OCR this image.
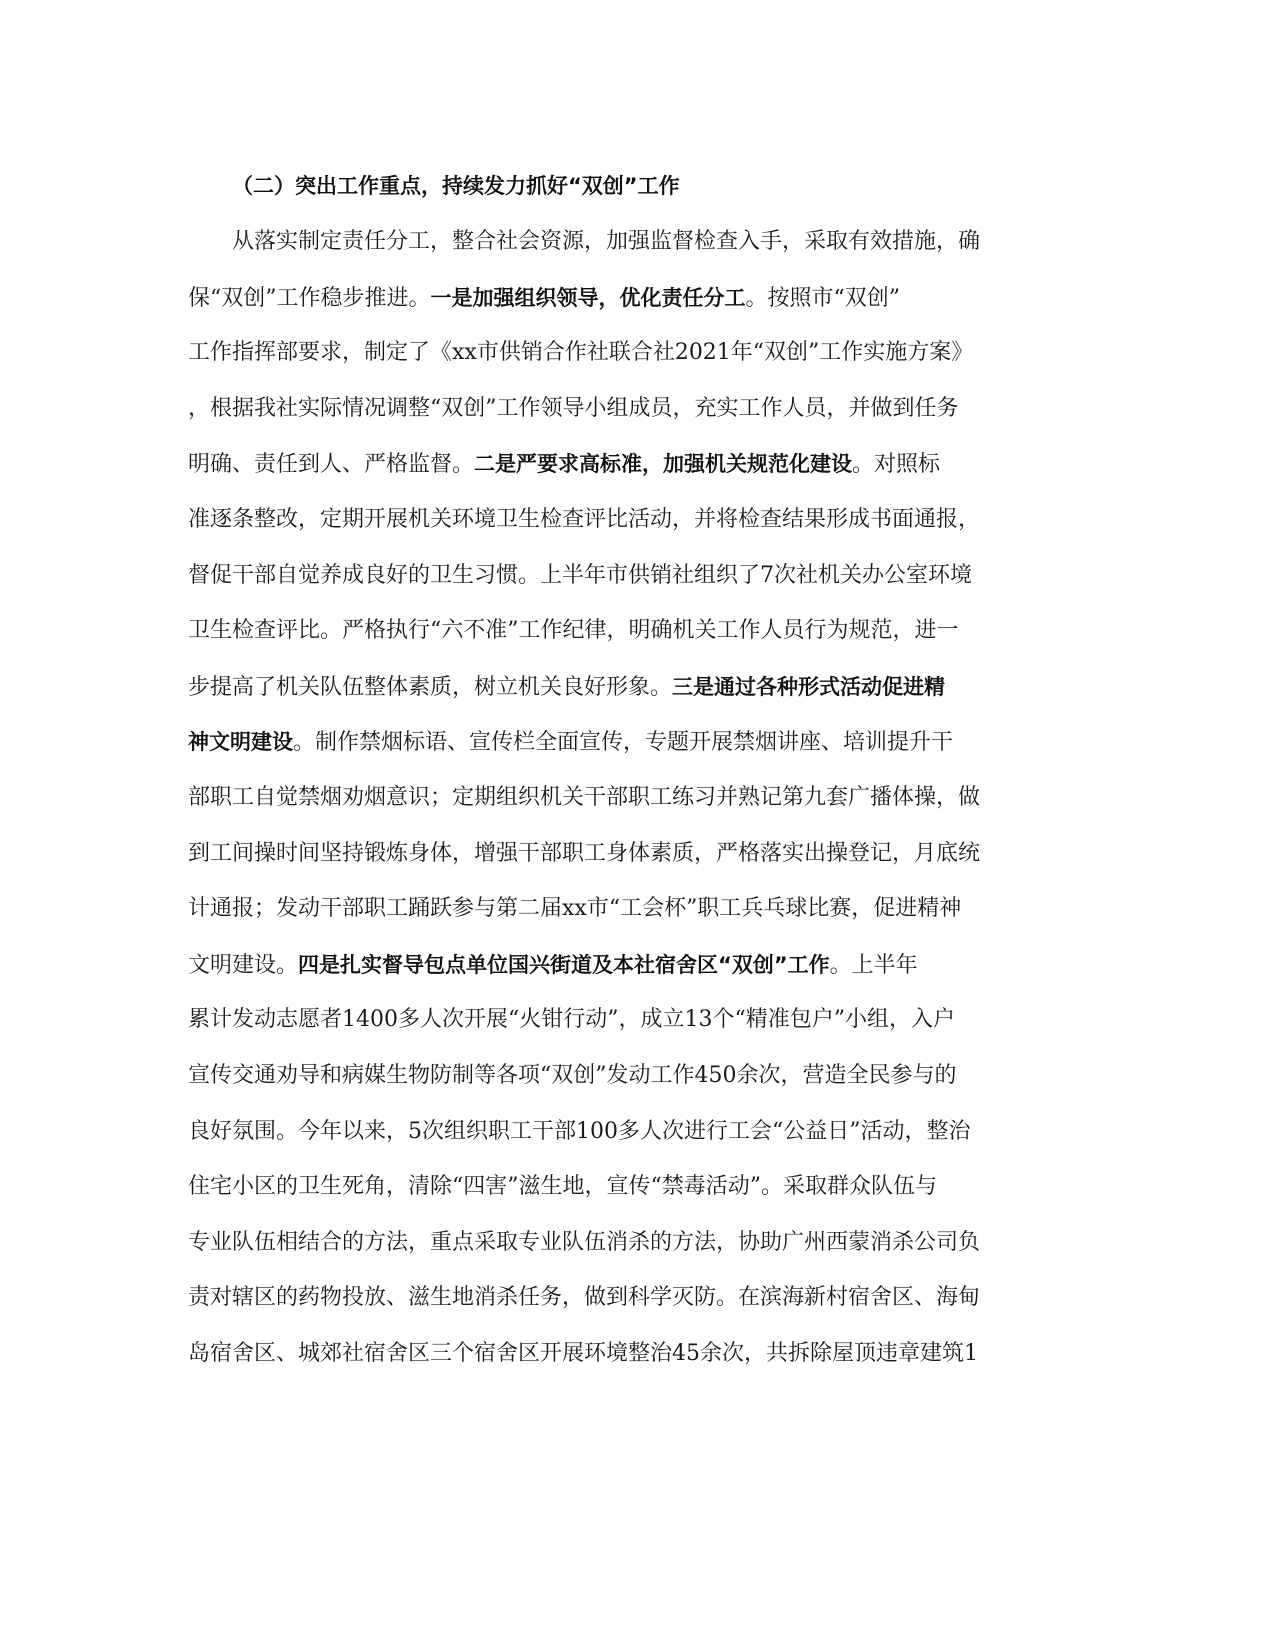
（二）突出工作重点，持续发力抓好“双创”工作
从落实制定责任分工，整合社会资源，加强监督检查入手，采取有效措施，确
保“双创”工作稳步推进。一是加强组织领导，优化责任分工。按照市“双创”
工作指挥部要求，制定了《xx市供销合作社联合社2021年“双创”工作实施方案》
，根据我社实际情况调整“双创”工作领导小组成员，充实工作人员，并做到任务
明确、责任到人、严格监督。二是严要求高标准，加强机关规范化建设。对照标
准逐条整改，定期开展机关环境卫生检查评比活动，并将检查结果形成书面通报，
督促干部自觉养成良好的卫生习惯。上半年市供销社组织了7次社机关办公室环境
卫生检查评比。严格执行“六不准”工作纪律，明确机关工作人员行为规范，进一
步提高了机关队伍整体素质，树立机关良好形象。三是通过各种形式活动促进精
神文明建设。制作禁烟标语、宣传栏全面宣传，专题开展禁烟讲座、培训提升干
部职工自觉禁烟劝烟意识；定期组织机关干部职工练习并熟记第九套广播体操，做
到工间操时间坚持锻炼身体，增强干部职工身体素质，严格落实出操登记，月底统
计通报；发动干部职工踊跃参与第二届xx市“工会杯”职工兵乓球比赛，促进精神
文明建设。四是扎实督导包点单位国兴街道及本社宿舍区“双创”工作。上半年
累计发动志愿者1400多人次开展“火钳行动”，成立13个“精准包户”小组，入户
宣传交通劝导和病媒生物防制等各项“双创”发动工作450余次，营造全民参与的
良好氛围。今年以来，5次组织职工干部100多人次进行工会“公益日”活动，整治
住宅小区的卫生死角，清除“四害”滋生地，宣传“禁毒活动”。采取群众队伍与
专业队伍相结合的方法，重点采取专业队伍消杀的方法，协助广州西蒙消杀公司负
责对辖区的药物投放、滋生地消杀任务，做到科学灭防。在滨海新村宿舍区、海甸
岛宿舍区、城郊社宿舍区三个宿舍区开展环境整治45余次，共拆除屋顶违章建筑1
